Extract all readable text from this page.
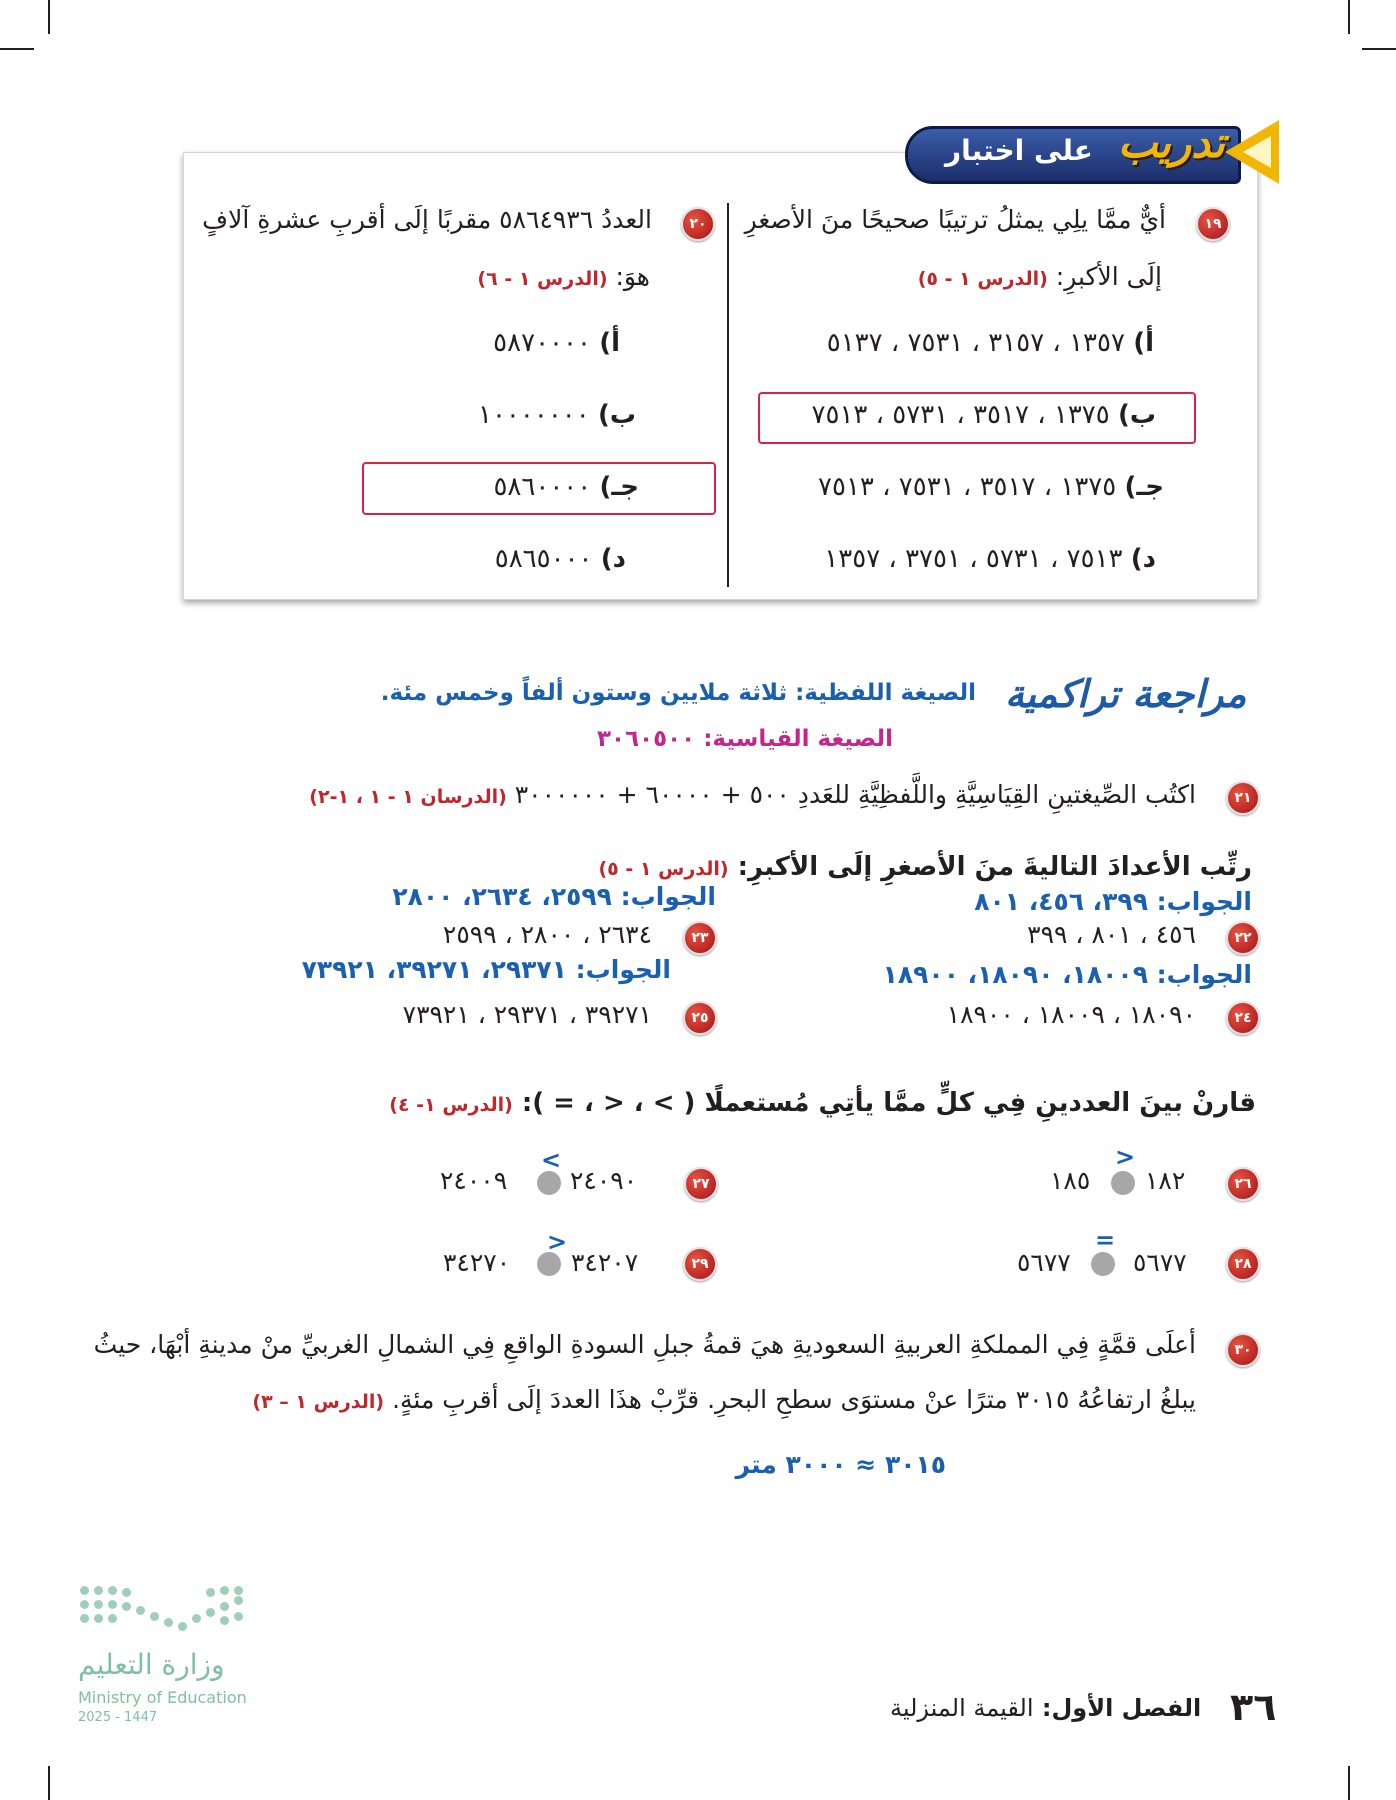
على اختبار تدريب
١٩
أيٌّ ممَّا يلِي يمثلُ ترتيبًا صحيحًا منَ الأصغرِ
إلَى الأكبرِ: (الدرس ١ - ٥)
أ) ١٣٥٧ ، ٣١٥٧ ، ٧٥٣١ ، ٥١٣٧
ب) ١٣٧٥ ، ٣٥١٧ ، ٥٧٣١ ، ٧٥١٣
جـ) ١٣٧٥ ، ٣٥١٧ ، ٧٥٣١ ، ٧٥١٣
د) ٧٥١٣ ، ٥٧٣١ ، ٣٧٥١ ، ١٣٥٧
٢٠
العددُ ٥٨٦٤٩٣٦ مقربًا إلَى أقربِ عشرةِ آلافٍ
هوَ: (الدرس ١ - ٦)
أ) ٥٨٧٠٠٠٠
ب) ١٠٠٠٠٠٠٠
جـ) ٥٨٦٠٠٠٠
د) ٥٨٦٥٠٠٠
مراجعة تراكمية
الصيغة اللفظية: ثلاثة ملايين وستون ألفاً وخمس مئة.
الصيغة القياسية: ٣٠٦٠٥٠٠
٢١
اكتُب الصِّيغتينِ القِيَاسِيَّةِ واللَّفظِيَّةِ للعَددِ ٥٠٠ + ٦٠٠٠٠ + ٣٠٠٠٠٠٠ (الدرسان ١ - ١ ، ١-٢)
رتِّب الأعدادَ التاليةَ منَ الأصغرِ إلَى الأكبرِ: (الدرس ١ - ٥)
الجواب: ٣٩٩، ٤٥٦، ٨٠١
الجواب: ٢٥٩٩، ٢٦٣٤، ٢٨٠٠
٢٢
٤٥٦ ، ٨٠١ ، ٣٩٩
٢٣
٢٦٣٤ ، ٢٨٠٠ ، ٢٥٩٩
الجواب: ١٨٠٠٩، ١٨٠٩٠، ١٨٩٠٠
الجواب: ٢٩٣٧١، ٣٩٢٧١، ٧٣٩٢١
٢٤
١٨٠٩٠ ، ١٨٠٠٩ ، ١٨٩٠٠
٢٥
٣٩٢٧١ ، ٢٩٣٧١ ، ٧٣٩٢١
قارنْ بينَ العددينِ فِي كلٍّ ممَّا يأتِي مُستعملًا ( > ، < ، = ): (الدرس ١- ٤)
٢٦
١٨٢
<
١٨٥
٢٧
٢٤٠٩٠
>
٢٤٠٠٩
٢٨
٥٦٧٧
=
٥٦٧٧
٢٩
٣٤٢٠٧
<
٣٤٢٧٠
٣٠
أعلَى قمَّةٍ فِي المملكةِ العربيةِ السعوديةِ هيَ قمةُ جبلِ السودةِ الواقعِ فِي الشمالِ الغربيِّ منْ مدينةِ أبْهَا، حيثُ
يبلغُ ارتفاعُهُ ٣٠١٥ مترًا عنْ مستوَى سطحِ البحرِ. قرِّبْ هذَا العددَ إلَى أقربِ مئةٍ. (الدرس ١ – ٣)
٣٠١٥ ≈ ٣٠٠٠ متر
وزارة التعليم
Ministry of Education
2025 - 1447	٣٦
الفصل الأول: القيمة المنزلية
